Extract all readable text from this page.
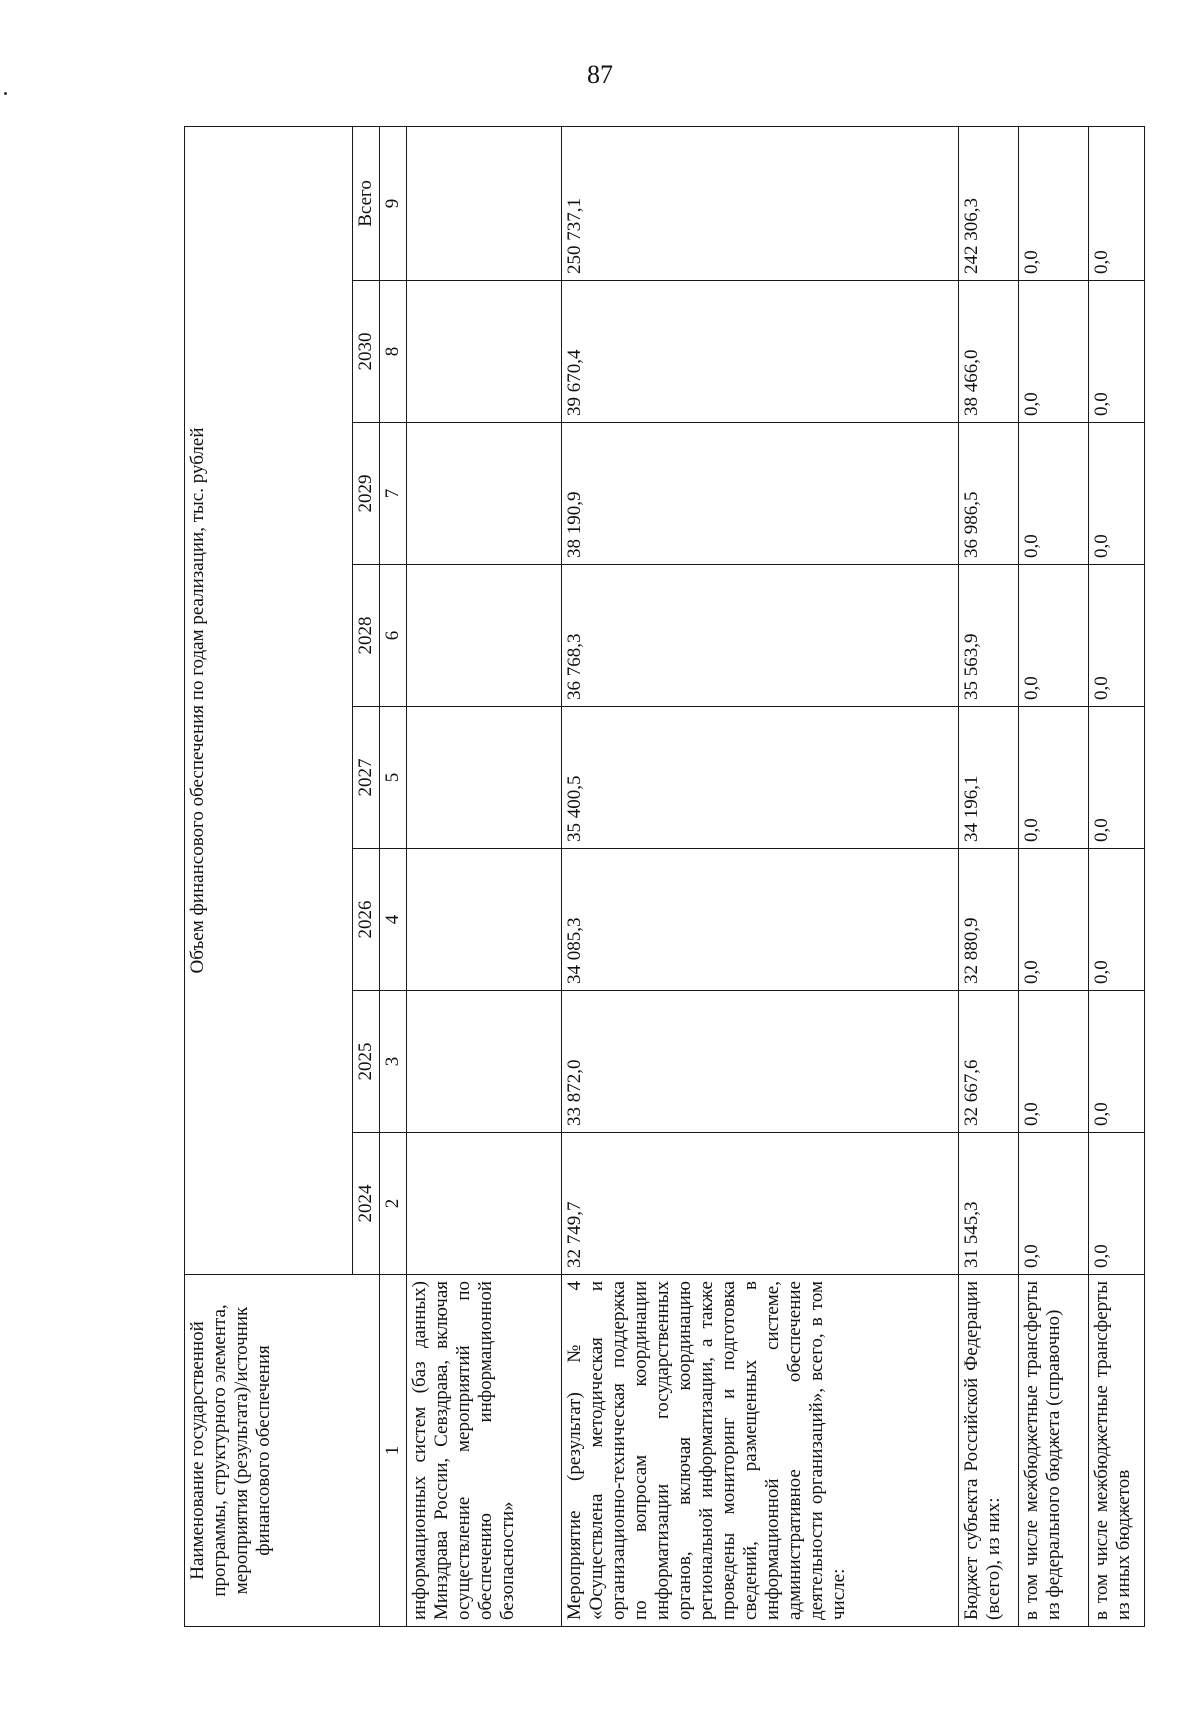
87
Наименование государственной программы, структурного элемента, мероприятия (результата)/источник финансового обеспечения	Объем финансового обеспечения по годам реализации, тыс. рублей							
	2024	2025	2026	2027	2028	2029	2030	Всего
1	2	3	4	5	6	7	8	9
информационных систем (баз данных) Минздрава России, Севздрава, включая осуществление мероприятий по обеспечению информационной безопасности»								
Мероприятие (результат) № 4 «Осуществлена методическая и организационно-техническая поддержка по вопросам координации информатизации государственных органов, включая координацию региональной информатизации, а также проведены мониторинг и подготовка сведений, размещенных в информационной системе, административное обеспечение деятельности организаций», всего, в том числе:	32 749,7	33 872,0	34 085,3	35 400,5	36 768,3	38 190,9	39 670,4	250 737,1
Бюджет субъекта Российской Федерации (всего), из них:	31 545,3	32 667,6	32 880,9	34 196,1	35 563,9	36 986,5	38 466,0	242 306,3
в том числе межбюджетные трансферты из федерального бюджета (справочно)	0,0	0,0	0,0	0,0	0,0	0,0	0,0	0,0
в том числе межбюджетные трансферты из иных бюджетов	0,0	0,0	0,0	0,0	0,0	0,0	0,0	0,0
